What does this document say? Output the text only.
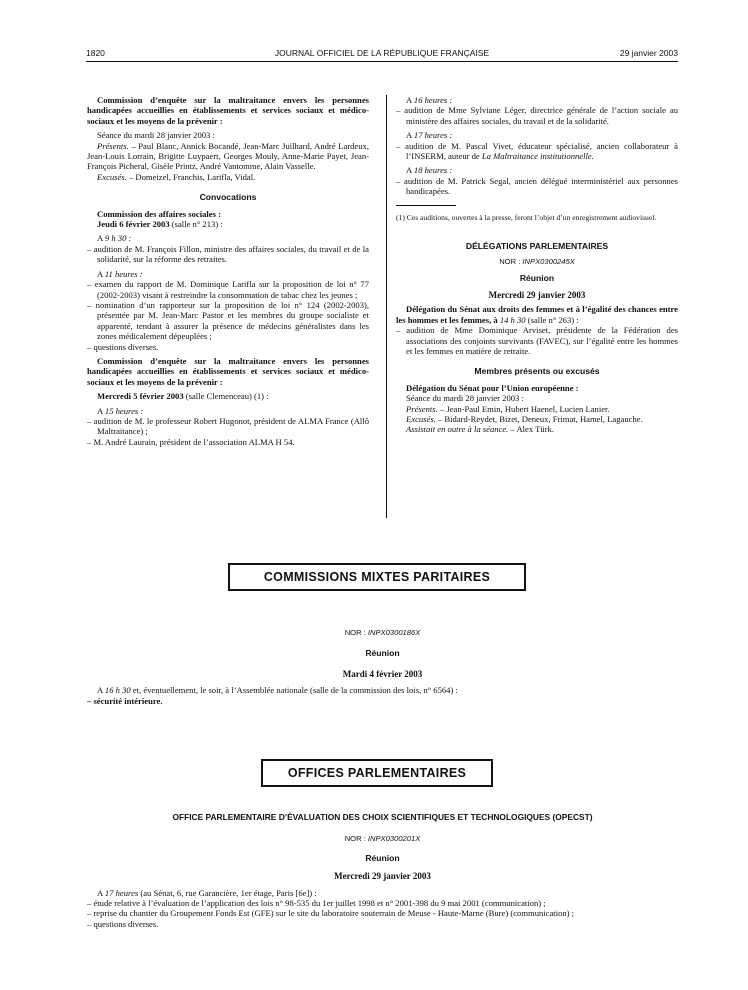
1820	JOURNAL OFFICIEL DE LA RÉPUBLIQUE FRANÇAISE	29 janvier 2003

Commission d’enquête sur la maltraitance envers les personnes handicapées accueillies en établissements et services sociaux et médico-sociaux et les moyens de la prévenir :

Séance du mardi 28 janvier 2003 :

Présents. – Paul Blanc, Annick Bocandé, Jean-Marc Juilhard, André Lardeux, Jean-Louis Lorrain, Brigitte Luypaert, Georges Mouly, Anne-Marie Payet, Jean-François Picheral, Gisèle Printz, André Vantomme, Alain Vasselle.

Excusés. – Domeizel, Franchis, Larifla, Vidal.

Convocations

Commission des affaires sociales :

Jeudi 6 février 2003 (salle n° 213) :

A 9 h 30 :

– audition de M. François Fillon, ministre des affaires sociales, du travail et de la solidarité, sur la réforme des retraites.

A 11 heures :

– examen du rapport de M. Dominique Larifla sur la proposition de loi n° 77 (2002-2003) visant à restreindre la consommation de tabac chez les jeunes ;

– nomination d’un rapporteur sur la proposition de loi n° 124 (2002-2003), présentée par M. Jean-Marc Pastor et les membres du groupe socialiste et apparenté, tendant à assurer la présence de médecins généralistes dans les zones médicalement dépeuplées ;

– questions diverses.

Commission d’enquête sur la maltraitance envers les personnes handicapées accueillies en établissements et services sociaux et médico-sociaux et les moyens de la prévenir :

Mercredi 5 février 2003 (salle Clemenceau) (1) :

A 15 heures :

– audition de M. le professeur Robert Hugonot, président de ALMA France (Allô Maltraitance) ;

– M. André Laurain, président de l’association ALMA H 54.

A 16 heures :

– audition de Mme Sylviane Léger, directrice générale de l’action sociale au ministère des affaires sociales, du travail et de la solidarité.

A 17 heures :

– audition de M. Pascal Vivet, éducateur spécialisé, ancien collaborateur à l’INSERM, auteur de La Maltraitance institutionnelle.

A 18 heures :

– audition de M. Patrick Segal, ancien délégué interministériel aux personnes handicapées.

(1) Ces auditions, ouvertes à la presse, feront l’objet d’un enregistrement audiovisuel.

DÉLÉGATIONS PARLEMENTAIRES
NOR : INPX0300245X
Réunion
Mercredi 29 janvier 2003

Délégation du Sénat aux droits des femmes et à l’égalité des chances entre les hommes et les femmes, à 14 h 30 (salle n° 263) :

– audition de Mme Dominique Arviset, présidente de la Fédération des associations des conjoints survivants (FAVEC), sur l’égalité entre les hommes et les femmes en matière de retraite.

Membres présents ou excusés

Délégation du Sénat pour l’Union européenne :

Séance du mardi 28 janvier 2003 :

Présents. – Jean-Paul Emin, Hubert Haenel, Lucien Lanier.

Excusés. – Bidard-Reydet, Bizet, Deneux, Frimat, Hamel, Lagauche.

Assistait en outre à la séance. – Alex Türk.

COMMISSIONS MIXTES PARITAIRES
NOR : INPX0300186X
Réunion
Mardi 4 février 2003

A 16 h 30 et, éventuellement, le soir, à l’Assemblée nationale (salle de la commission des lois, n° 6564) :

– sécurité intérieure.

OFFICES PARLEMENTAIRES
OFFICE PARLEMENTAIRE D’ÉVALUATION DES CHOIX SCIENTIFIQUES ET TECHNOLOGIQUES (OPECST)
NOR : INPX0300201X
Réunion
Mercredi 29 janvier 2003

A 17 heures (au Sénat, 6, rue Garancière, 1er étage, Paris [6e]) :

– étude relative à l’évaluation de l’application des lois n° 98-535 du 1er juillet 1998 et n° 2001-398 du 9 mai 2001 (communication) ;

– reprise du chantier du Groupement Fonds Est (GFE) sur le site du laboratoire souterrain de Meuse - Haute-Marne (Bure) (communication) ;

– questions diverses.
